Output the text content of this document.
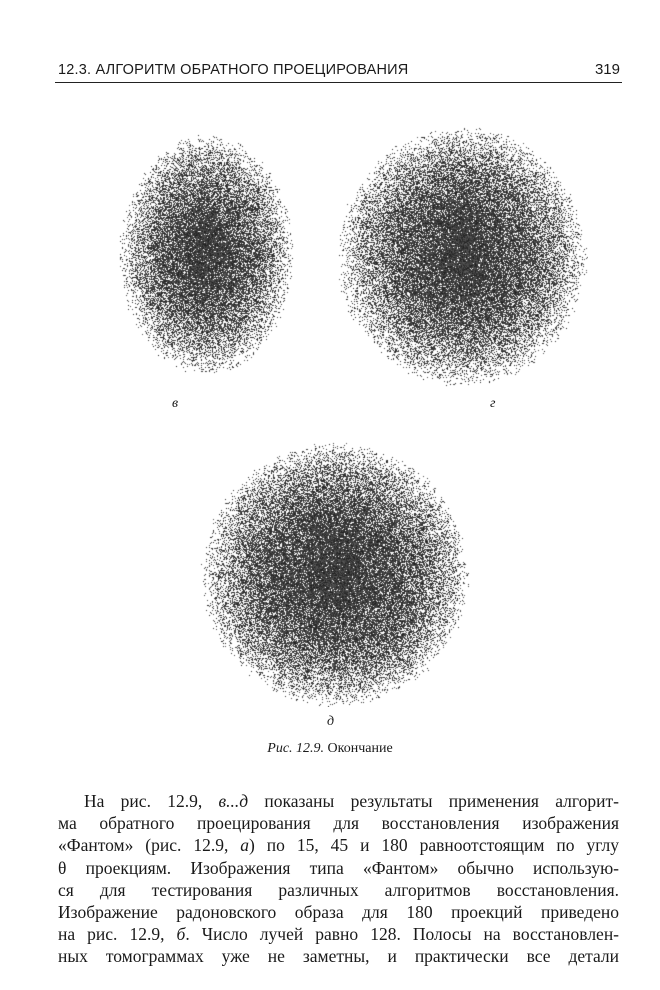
12.3. АЛГОРИТМ ОБРАТНОГО ПРОЕЦИРОВАНИЯ	319
в	г
д
Рис. 12.9. Окончание
На рис. 12.9, в...д показаны результаты применения алгорит-
ма обратного проецирования для восстановления изображения
«Фантом» (рис. 12.9, а) по 15, 45 и 180 равноотстоящим по углу
θ проекциям. Изображения типа «Фантом» обычно использую-
ся для тестирования различных алгоритмов восстановления.
Изображение радоновского образа для 180 проекций приведено
на рис. 12.9, б. Число лучей равно 128. Полосы на восстановлен-
ных томограммах уже не заметны, и практически все детали
